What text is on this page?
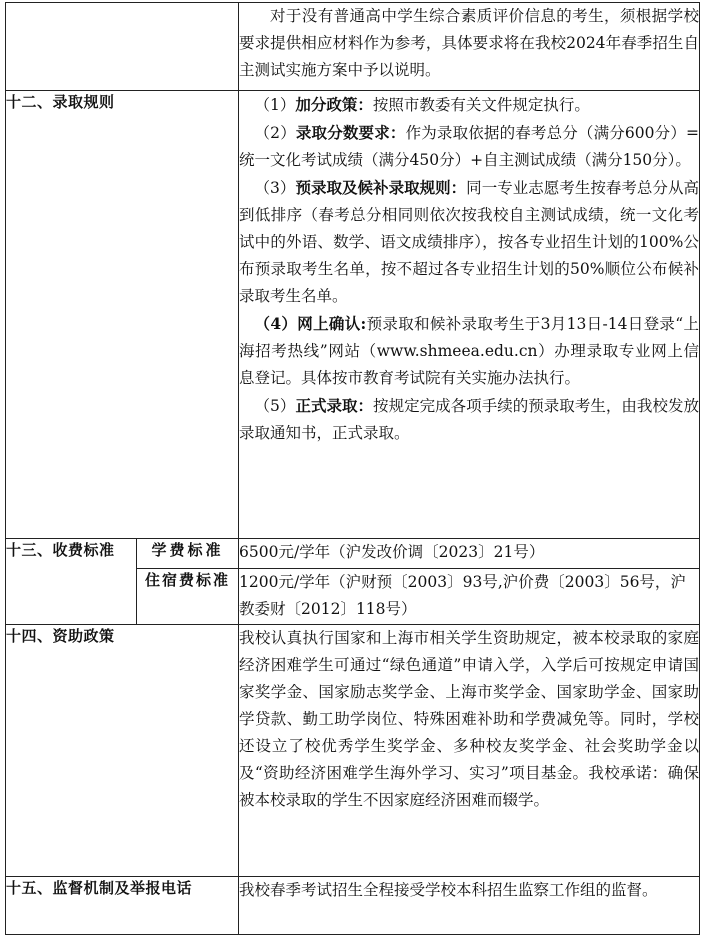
		对于没有普通高中学生综合素质评价信息的考生，须根据学校要求提供相应材料作为参考，具体要求将在我校2024年春季招生自主测试实施方案中予以说明。

十二、录取规则		（1）加分政策：按照市教委有关文件规定执行。

（2）录取分数要求：作为录取依据的春考总分（满分600分）=统一文化考试成绩（满分450分）+自主测试成绩（满分150分）。

（3）预录取及候补录取规则：同一专业志愿考生按春考总分从高到低排序（春考总分相同则依次按我校自主测试成绩，统一文化考试中的外语、数学、语文成绩排序），按各专业招生计划的100%公布预录取考生名单，按不超过各专业招生计划的50%顺位公布候补录取考生名单。

（4）网上确认:预录取和候补录取考生于3月13日-14日登录“上海招考热线”网站（www.shmeea.edu.cn）办理录取专业网上信息登记。具体按市教育考试院有关实施办法执行。

（5）正式录取：按规定完成各项手续的预录取考生，由我校发放录取通知书，正式录取。

十三、收费标准	学费标准	6500元/学年（沪发改价调〔2023〕21号）
	住宿费标准	1200元/学年（沪财预〔2003〕93号,沪价费〔2003〕56号，沪教委财〔2012〕118号）
十四、资助政策		我校认真执行国家和上海市相关学生资助规定，被本校录取的家庭经济困难学生可通过“绿色通道”申请入学，入学后可按规定申请国家奖学金、国家励志奖学金、上海市奖学金、国家助学金、国家助学贷款、勤工助学岗位、特殊困难补助和学费减免等。同时，学校还设立了校优秀学生奖学金、多种校友奖学金、社会奖助学金以及“资助经济困难学生海外学习、实习”项目基金。我校承诺：确保被本校录取的学生不因家庭经济困难而辍学。

十五、监督机制及举报电话		我校春季考试招生全程接受学校本科招生监察工作组的监督。
